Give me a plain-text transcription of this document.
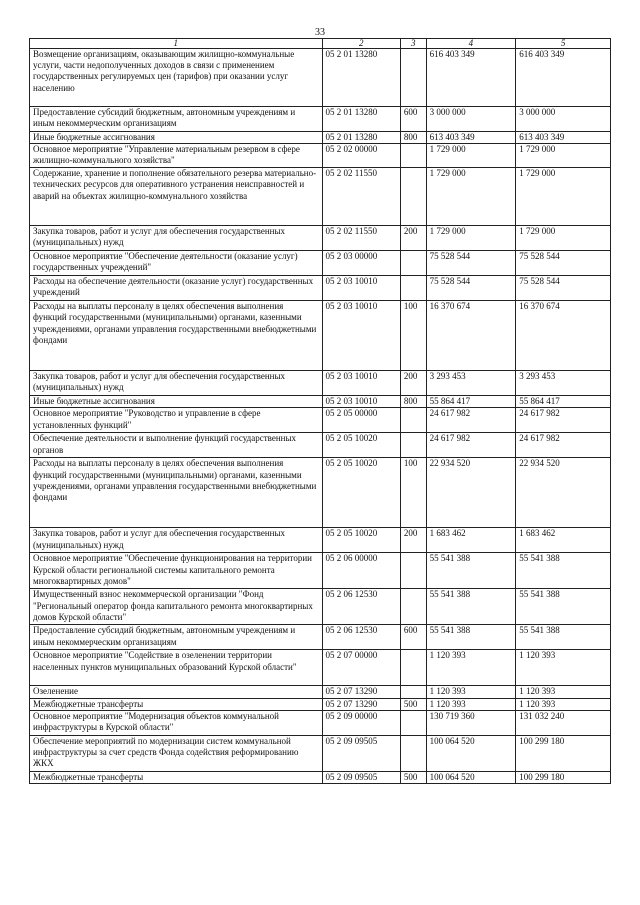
33
1	2	3	4	5
Возмещение организациям, оказывающим жилищно-коммунальные услуги, части недополученных доходов в связи с применением государственных регулируемых цен (тарифов) при оказании услуг населению	05 2 01 13280		616 403 349	616 403 349
Предоставление субсидий бюджетным, автономным учреждениям и иным некоммерческим организациям	05 2 01 13280	600	3 000 000	3 000 000
Иные бюджетные ассигнования	05 2 01 13280	800	613 403 349	613 403 349
Основное мероприятие "Управление материальным резервом в сфере жилищно-коммунального хозяйства"	05 2 02 00000		1 729 000	1 729 000
Содержание, хранение и пополнение обязательного резерва материально-технических ресурсов для оперативного устранения неисправностей и аварий на объектах жилищно-коммунального хозяйства	05 2 02 11550		1 729 000	1 729 000
Закупка товаров, работ и услуг для обеспечения государственных (муниципальных) нужд	05 2 02 11550	200	1 729 000	1 729 000
Основное мероприятие "Обеспечение деятельности (оказание услуг) государственных учреждений"	05 2 03 00000		75 528 544	75 528 544
Расходы на обеспечение деятельности (оказание услуг) государственных учреждений	05 2 03 10010		75 528 544	75 528 544
Расходы на выплаты персоналу в целях обеспечения выполнения функций государственными (муниципальными) органами, казенными учреждениями, органами управления государственными внебюджетными фондами	05 2 03 10010	100	16 370 674	16 370 674
Закупка товаров, работ и услуг для обеспечения государственных (муниципальных) нужд	05 2 03 10010	200	3 293 453	3 293 453
Иные бюджетные ассигнования	05 2 03 10010	800	55 864 417	55 864 417
Основное мероприятие "Руководство и управление в сфере установленных функций"	05 2 05 00000		24 617 982	24 617 982
Обеспечение деятельности и выполнение функций государственных органов	05 2 05 10020		24 617 982	24 617 982
Расходы на выплаты персоналу в целях обеспечения выполнения функций государственными (муниципальными) органами, казенными учреждениями, органами управления государственными внебюджетными фондами	05 2 05 10020	100	22 934 520	22 934 520
Закупка товаров, работ и услуг для обеспечения государственных (муниципальных) нужд	05 2 05 10020	200	1 683 462	1 683 462
Основное мероприятие "Обеспечение функционирования на территории Курской области региональной системы капитального ремонта многоквартирных домов"	05 2 06 00000		55 541 388	55 541 388
Имущественный взнос некоммерческой организации "Фонд "Региональный оператор фонда капитального ремонта многоквартирных домов Курской области"	05 2 06 12530		55 541 388	55 541 388
Предоставление субсидий бюджетным, автономным учреждениям и иным некоммерческим организациям	05 2 06 12530	600	55 541 388	55 541 388
Основное мероприятие "Содействие в озеленении территории населенных пунктов муниципальных образований Курской области"	05 2 07 00000		1 120 393	1 120 393
Озеленение	05 2 07 13290		1 120 393	1 120 393
Межбюджетные трансферты	05 2 07 13290	500	1 120 393	1 120 393
Основное мероприятие "Модернизация объектов коммунальной инфраструктуры в Курской области"	05 2 09 00000		130 719 360	131 032 240
Обеспечение мероприятий по модернизации систем коммунальной инфраструктуры за счет средств Фонда содействия реформированию ЖКХ	05 2 09 09505		100 064 520	100 299 180
Межбюджетные трансферты	05 2 09 09505	500	100 064 520	100 299 180
